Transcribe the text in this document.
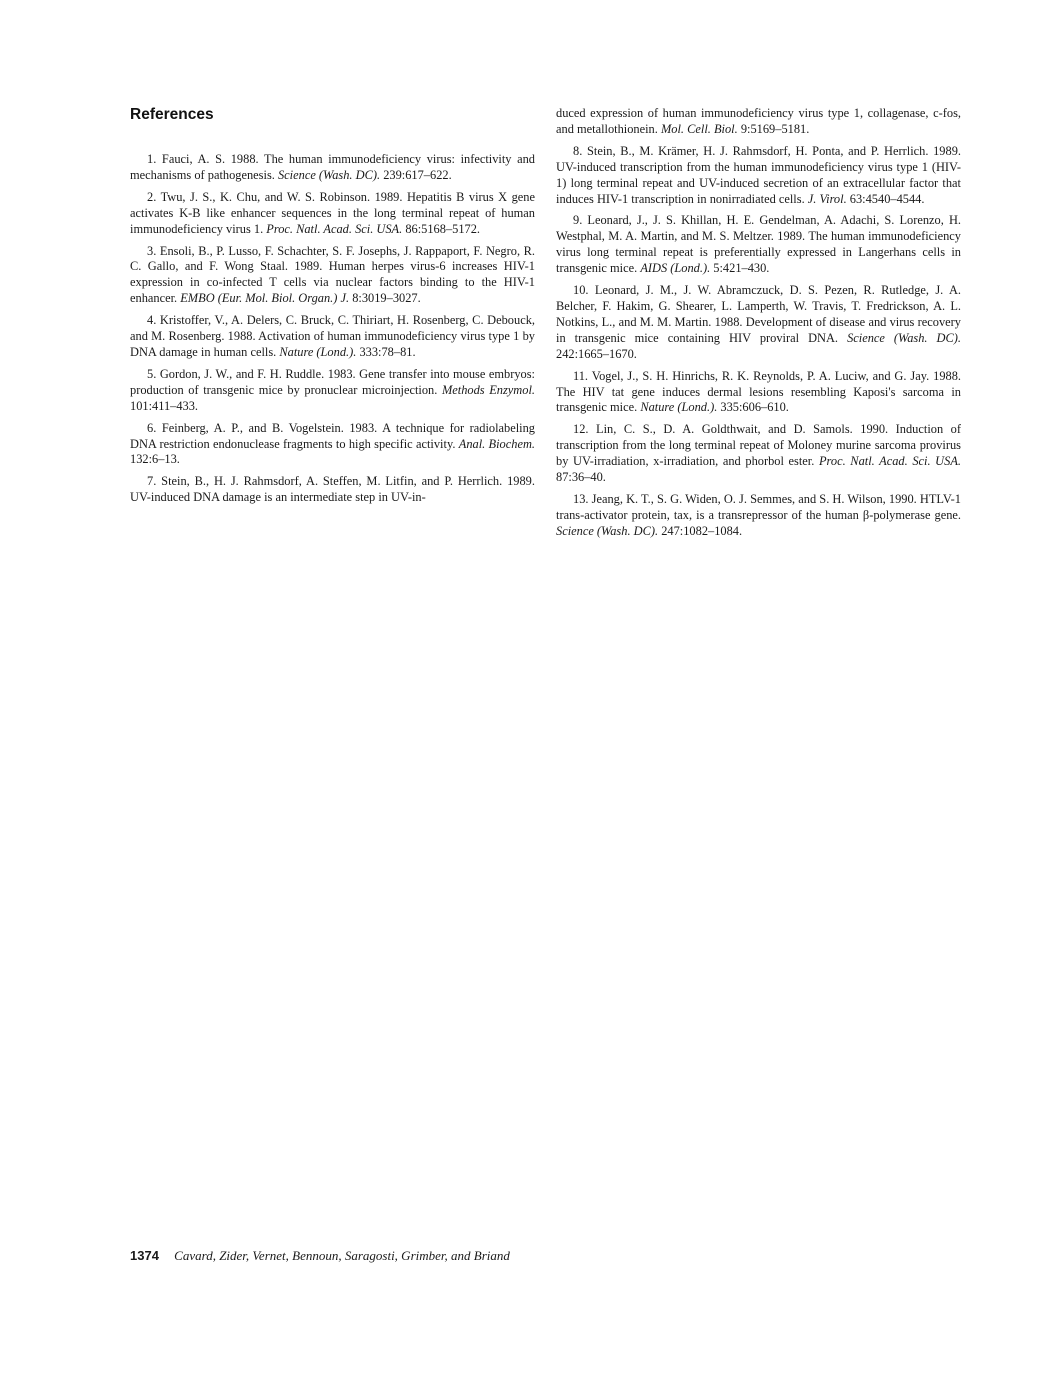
References

1. Fauci, A. S. 1988. The human immunodeficiency virus: infectivity and mechanisms of pathogenesis. Science (Wash. DC). 239:617–622.

2. Twu, J. S., K. Chu, and W. S. Robinson. 1989. Hepatitis B virus X gene activates K-B like enhancer sequences in the long terminal repeat of human immunodeficiency virus 1. Proc. Natl. Acad. Sci. USA. 86:5168–5172.

3. Ensoli, B., P. Lusso, F. Schachter, S. F. Josephs, J. Rappaport, F. Negro, R. C. Gallo, and F. Wong Staal. 1989. Human herpes virus-6 increases HIV-1 expression in co-infected T cells via nuclear factors binding to the HIV-1 enhancer. EMBO (Eur. Mol. Biol. Organ.) J. 8:3019–3027.

4. Kristoffer, V., A. Delers, C. Bruck, C. Thiriart, H. Rosenberg, C. Debouck, and M. Rosenberg. 1988. Activation of human immunodeficiency virus type 1 by DNA damage in human cells. Nature (Lond.). 333:78–81.

5. Gordon, J. W., and F. H. Ruddle. 1983. Gene transfer into mouse embryos: production of transgenic mice by pronuclear microinjection. Methods Enzymol. 101:411–433.

6. Feinberg, A. P., and B. Vogelstein. 1983. A technique for radiolabeling DNA restriction endonuclease fragments to high specific activity. Anal. Biochem. 132:6–13.

7. Stein, B., H. J. Rahmsdorf, A. Steffen, M. Litfin, and P. Herrlich. 1989. UV-induced DNA damage is an intermediate step in UV-in-

duced expression of human immunodeficiency virus type 1, collagenase, c-fos, and metallothionein. Mol. Cell. Biol. 9:5169–5181.

8. Stein, B., M. Krämer, H. J. Rahmsdorf, H. Ponta, and P. Herrlich. 1989. UV-induced transcription from the human immunodeficiency virus type 1 (HIV-1) long terminal repeat and UV-induced secretion of an extracellular factor that induces HIV-1 transcription in nonirradiated cells. J. Virol. 63:4540–4544.

9. Leonard, J., J. S. Khillan, H. E. Gendelman, A. Adachi, S. Lorenzo, H. Westphal, M. A. Martin, and M. S. Meltzer. 1989. The human immunodeficiency virus long terminal repeat is preferentially expressed in Langerhans cells in transgenic mice. AIDS (Lond.). 5:421–430.

10. Leonard, J. M., J. W. Abramczuck, D. S. Pezen, R. Rutledge, J. A. Belcher, F. Hakim, G. Shearer, L. Lamperth, W. Travis, T. Fredrickson, A. L. Notkins, L., and M. M. Martin. 1988. Development of disease and virus recovery in transgenic mice containing HIV proviral DNA. Science (Wash. DC). 242:1665–1670.

11. Vogel, J., S. H. Hinrichs, R. K. Reynolds, P. A. Luciw, and G. Jay. 1988. The HIV tat gene induces dermal lesions resembling Kaposi's sarcoma in transgenic mice. Nature (Lond.). 335:606–610.

12. Lin, C. S., D. A. Goldthwait, and D. Samols. 1990. Induction of transcription from the long terminal repeat of Moloney murine sarcoma provirus by UV-irradiation, x-irradiation, and phorbol ester. Proc. Natl. Acad. Sci. USA. 87:36–40.

13. Jeang, K. T., S. G. Widen, O. J. Semmes, and S. H. Wilson, 1990. HTLV-1 trans-activator protein, tax, is a transrepressor of the human β-polymerase gene. Science (Wash. DC). 247:1082–1084.

1374 Cavard, Zider, Vernet, Bennoun, Saragosti, Grimber, and Briand
